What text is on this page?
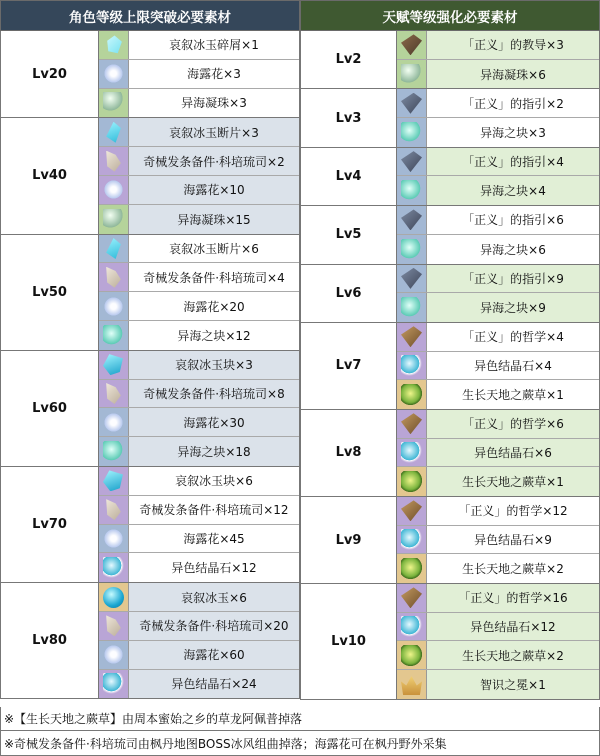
角色等级上限突破必要素材
Lv20
哀叙冰玉碎屑×1
海露花×3
异海凝珠×3
Lv40
哀叙冰玉断片×3
奇械发条备件·科培琉司×2
海露花×10
异海凝珠×15
Lv50
哀叙冰玉断片×6
奇械发条备件·科培琉司×4
海露花×20
异海之块×12
Lv60
哀叙冰玉块×3
奇械发条备件·科培琉司×8
海露花×30
异海之块×18
Lv70
哀叙冰玉块×6
奇械发条备件·科培琉司×12
海露花×45
异色结晶石×12
Lv80
哀叙冰玉×6
奇械发条备件·科培琉司×20
海露花×60
异色结晶石×24
天赋等级强化必要素材
Lv2
「正义」的教导×3
异海凝珠×6
Lv3
「正义」的指引×2
异海之块×3
Lv4
「正义」的指引×4
异海之块×4
Lv5
「正义」的指引×6
异海之块×6
Lv6
「正义」的指引×9
异海之块×9
Lv7
「正义」的哲学×4
异色结晶石×4
生长天地之蕨草×1
Lv8
「正义」的哲学×6
异色结晶石×6
生长天地之蕨草×1
Lv9
「正义」的哲学×12
异色结晶石×9
生长天地之蕨草×2
Lv10
「正义」的哲学×16
异色结晶石×12
生长天地之蕨草×2
智识之冕×1
※【生长天地之蕨草】由周本蜜始之乡的草龙阿佩普掉落
※奇械发条备件·科培琉司由枫丹地图BOSS冰风组曲掉落；海露花可在枫丹野外采集
